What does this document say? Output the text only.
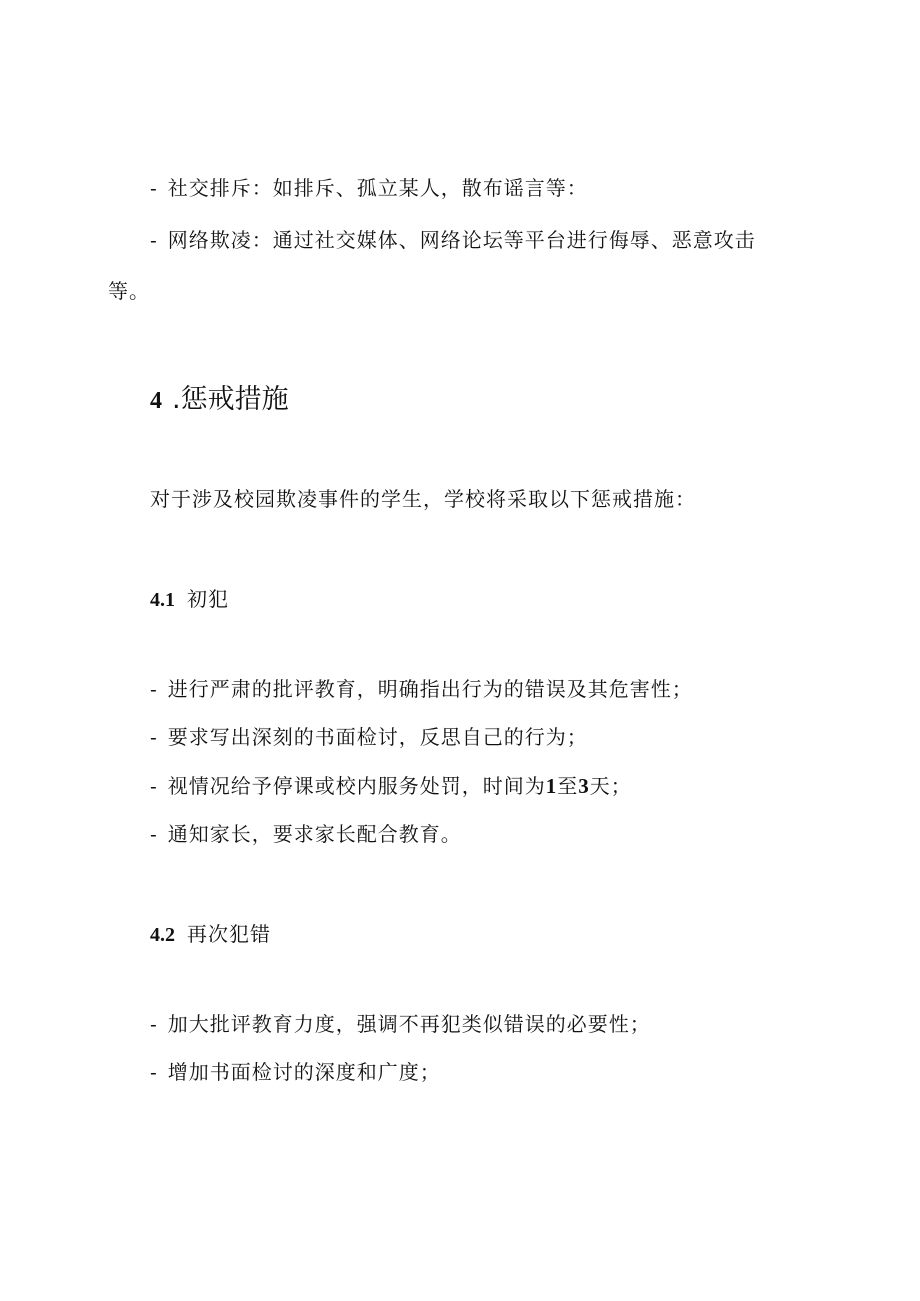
- 社交排斥：如排斥、孤立某人，散布谣言等：
- 网络欺凌：通过社交媒体、网络论坛等平台进行侮辱、恶意攻击
等。
4 .惩戒措施
对于涉及校园欺凌事件的学生，学校将采取以下惩戒措施：
4.1 初犯
- 进行严肃的批评教育，明确指出行为的错误及其危害性；
- 要求写出深刻的书面检讨，反思自己的行为；
- 视情况给予停课或校内服务处罚，时间为1至3天；
- 通知家长，要求家长配合教育。
4.2 再次犯错
- 加大批评教育力度，强调不再犯类似错误的必要性；
- 增加书面检讨的深度和广度；
